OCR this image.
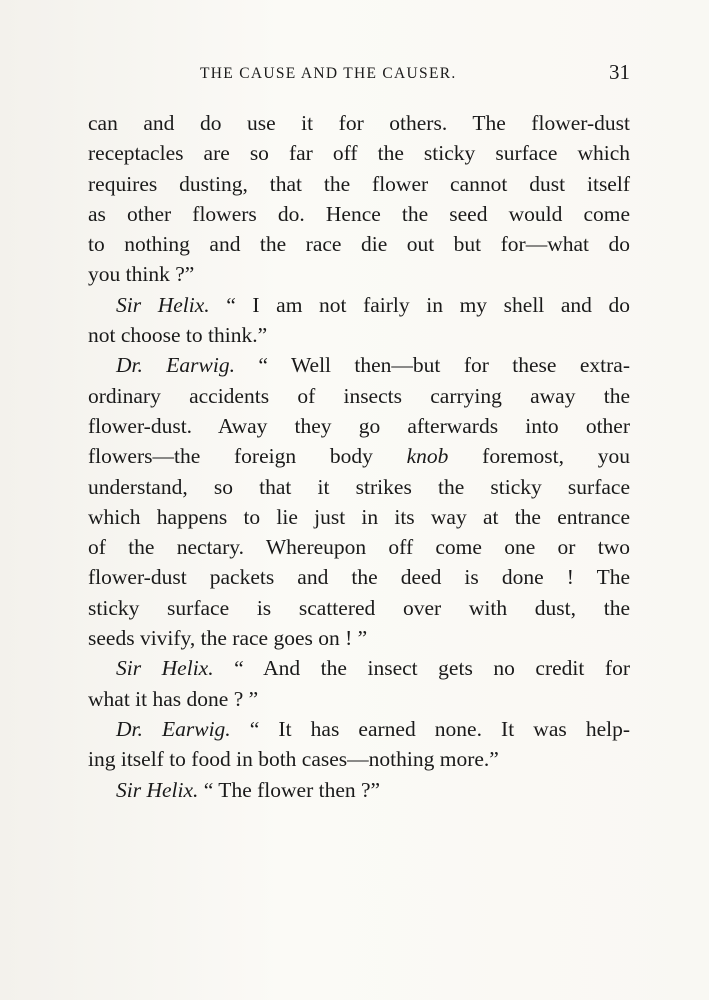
THE CAUSE AND THE CAUSER.	31
can and do use it for others. The flower-dust
receptacles are so far off the sticky surface which
requires dusting, that the flower cannot dust itself
as other flowers do. Hence the seed would come
to nothing and the race die out but for—what do
you think ?”
Sir Helix. “ I am not fairly in my shell and do
not choose to think.”
Dr. Earwig. “ Well then—but for these extra-
ordinary accidents of insects carrying away the
flower-dust. Away they go afterwards into other
flowers—the foreign body knob foremost, you
understand, so that it strikes the sticky surface
which happens to lie just in its way at the entrance
of the nectary. Whereupon off come one or two
flower-dust packets and the deed is done ! The
sticky surface is scattered over with dust, the
seeds vivify, the race goes on ! ”
Sir Helix. “ And the insect gets no credit for
what it has done ? ”
Dr. Earwig. “ It has earned none. It was help-
ing itself to food in both cases—nothing more.”
Sir Helix. “ The flower then ?”
